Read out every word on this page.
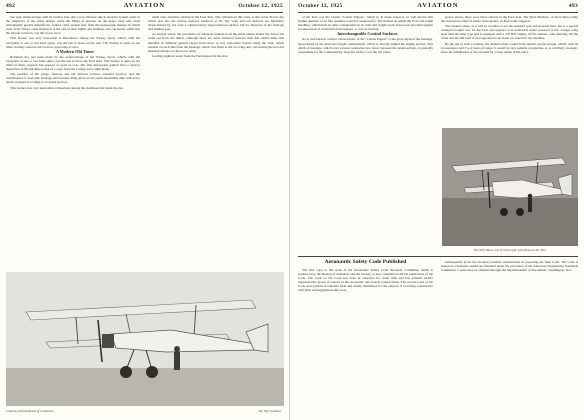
492	AVIATION	October 12, 1925

Vee type undercarriage with its normal axle and a very efficient shock absorber system assist in the simplicity of the entire design, while the fitting of ailerons on the upper wing only must undoubtedly greatly simplify the control cable system and, from the picturesque manner in which each of the Wasps came skating in at the end of their flights and landings, one can hardly admit that the aileron control is any the worse for it.

This feature was very noticeable at Dorchester among the Yackey Sport, which, with the exception of one or two Dale types, was the last to leave on the tour. The Yackey is quite an old timer in many respects but proved a good ship as ever.

A Modern Old Timer

Robinson has just been made by the undercarriage of the Yackey Sport, which, with the exception of one or two Dale ships, was the last to leave the Ford field. The Yackey is quite an old timer in many respects but appears as good as ever. The first impression gained after a cursory inspection of the machine is that of a cross between a Jenny and a light plane.

The position of the wings, ailerons and tail surfaces follows standard practice, and the combination of steel tube fuselage and wooden wings gives an all round dependable ship with every detail arranged according to accepted practice.

This feature was very noticeable at Dearborn among the machines that made the run.

small class airplanes starting in the Ford Tour. The cylinders in this class, is that of the Travel Air, which also has the control surfaces balanced at all. The wing and tail surfaces are familiarly characterized by, not only a comparatively large balanced surface, but by character of the fuselage and landing gear.

As already stated, the prevalence of balanced rudders in all the small planes makes the Travel Air stand out from the others, although there are some balanced features than this which make this machine of different general aspect from most. A very noticeable feature being the strut, which extends on each side from the fuselage, which was fitted to the top wing only, decreasing the forward shooting distance to the lower wing.

Leaving sights in order from the Ford Airport in the start

Courtesy Detroit Board of Commerce	The New Swallow
October 12, 1925	AVIATION	493

of the Tour was the Curtiss "Carrier Pigeon," which is, in many respects, so well known that further mention of its fine qualities would be unnecessary. The manner in which the Ford and rough handling, which must be quite considerable in air mail and freight work, have been provided against in elaboration of construction throughout, is very noticeable.

Interchangeable Control Surfaces

As is well known, a major characteristic of the "Carrier Pigeon" is the great depth of the fuselage, necessitated by the mail and freight compartment, which is directly behind the engine section. This depth of fuselage, which even extends somewhat low down between the undercarriage, is probably responsible for the comparatively large fin surface over the tail plane.

proper places, there were those entered in the Ford Tour. The Ryan Brothers, of Ford entry, being the well known fleet tri-motor monoplanes, as their name suggests.

The Junkers plane, as it will be recalled, is not the standard type seven-seater here, but is a special example brought over for the Tour, and appears to be somewhat under powered. It has a larger wing span than the other type and is equipped with a 235 H.P. engine. Of the Junkers, who entering, but the value and the full load of fuel appeared to be about too much for the machine.

By the use of both a bomber, the Junkers plane would form another useful version, which, with its 6 passengers and 3 to 4 hours of range, it would be very suitable on pipeline, or as a military strategic, since the elimination of the tail-skid by a large wheel in the place.

The New Waco, one of which type were flown in the Tour
Aeronautic Safety Code Published

The first copy to the work of the Aeronautic Safety Code Sectional Committee which is sponsored by the Bureau of Standards and the Society, is now completed with the publication of the Code. The work on the Code has been in existence for some time and has enlisted widely representative group of experts in the aeronautic and closely related fields. The several parts of the Code were printed in tentative form and widely distributed for the purpose of receiving constructive criticisms and suggestions that were

subsequently given the broadest possible consideration in preparing the final Code. The Code is issued as a Tentative American Standard under the procedure of the American Engineering Standards Committee. Copies may be obtained through the Superintendent of Documents, Washington, D.C.
